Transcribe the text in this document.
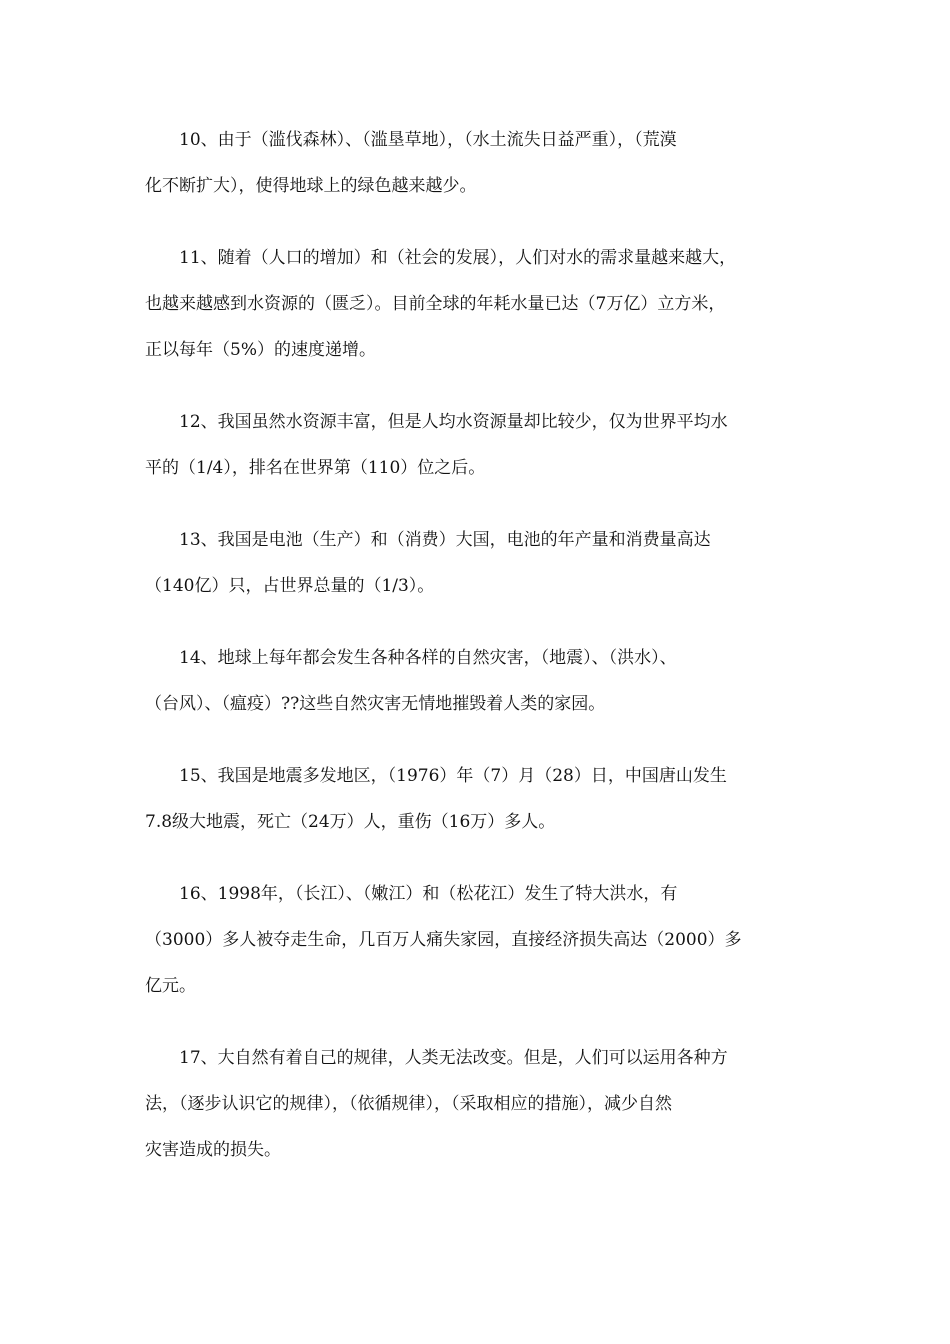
10、由于（滥伐森林）、（滥垦草地），（水土流失日益严重），（荒漠
化不断扩大），使得地球上的绿色越来越少。

11、随着（人口的增加）和（社会的发展），人们对水的需求量越来越大，
也越来越感到水资源的（匮乏）。目前全球的年耗水量已达（7万亿）立方米，
正以每年（5%）的速度递增。

12、我国虽然水资源丰富，但是人均水资源量却比较少，仅为世界平均水
平的（1/4），排名在世界第（110）位之后。

13、我国是电池（生产）和（消费）大国，电池的年产量和消费量高达
（140亿）只，占世界总量的（1/3）。

14、地球上每年都会发生各种各样的自然灾害，（地震）、（洪水）、
（台风）、（瘟疫）??这些自然灾害无情地摧毁着人类的家园。

15、我国是地震多发地区，（1976）年（7）月（28）日，中国唐山发生
7.8级大地震，死亡（24万）人，重伤（16万）多人。

16、1998年，（长江）、（嫩江）和（松花江）发生了特大洪水，有
（3000）多人被夺走生命，几百万人痛失家园，直接经济损失高达（2000）多
亿元。

17、大自然有着自己的规律，人类无法改变。但是，人们可以运用各种方
法，（逐步认识它的规律），（依循规律），（采取相应的措施），减少自然
灾害造成的损失。
